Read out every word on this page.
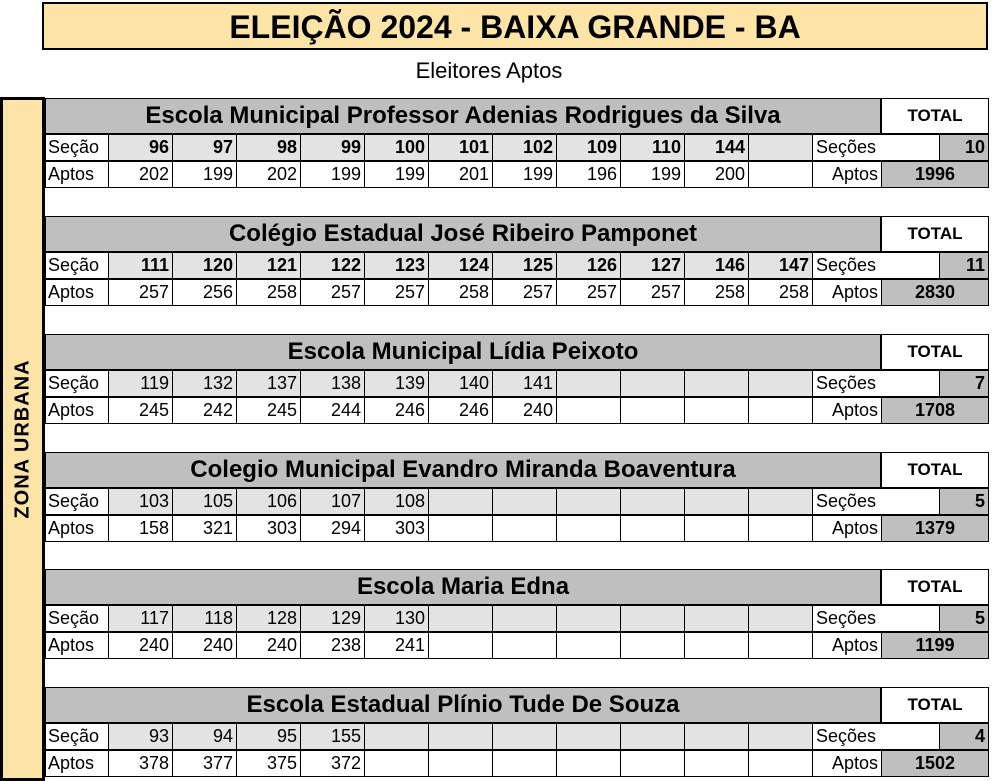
ELEIÇÃO 2024 - BAIXA GRANDE - BA
Eleitores Aptos
ZONA URBANA
Escola Municipal Professor Adenias Rodrigues da Silva	TOTAL
Seção	96	97	98	99	100	101	102	109	110	144	Seções	10
Aptos	202	199	202	199	199	201	199	196	199	200	Aptos	1996
Colégio Estadual José Ribeiro Pamponet	TOTAL
Seção	111	120	121	122	123	124	125	126	127	146	147 Seções	11
Aptos	257	256	258	257	257	258	257	257	257	258	258	Aptos	2830
Escola Municipal Lídia Peixoto	TOTAL
Seção	119	132	137	138	139	140	141	Seções	7
Aptos	245	242	245	244	246	246	240	Aptos	1708
Colegio Municipal Evandro Miranda Boaventura	TOTAL
Seção	103	105	106	107	108	Seções	5
Aptos	158	321	303	294	303	Aptos	1379
Escola Maria Edna	TOTAL
Seção	117	118	128	129	130	Seções	5
Aptos	240	240	240	238	241	Aptos	1199
Escola Estadual Plínio Tude De Souza	TOTAL
Seção	93	94	95	155	Seções	4
Aptos	378	377	375	372	Aptos	1502
